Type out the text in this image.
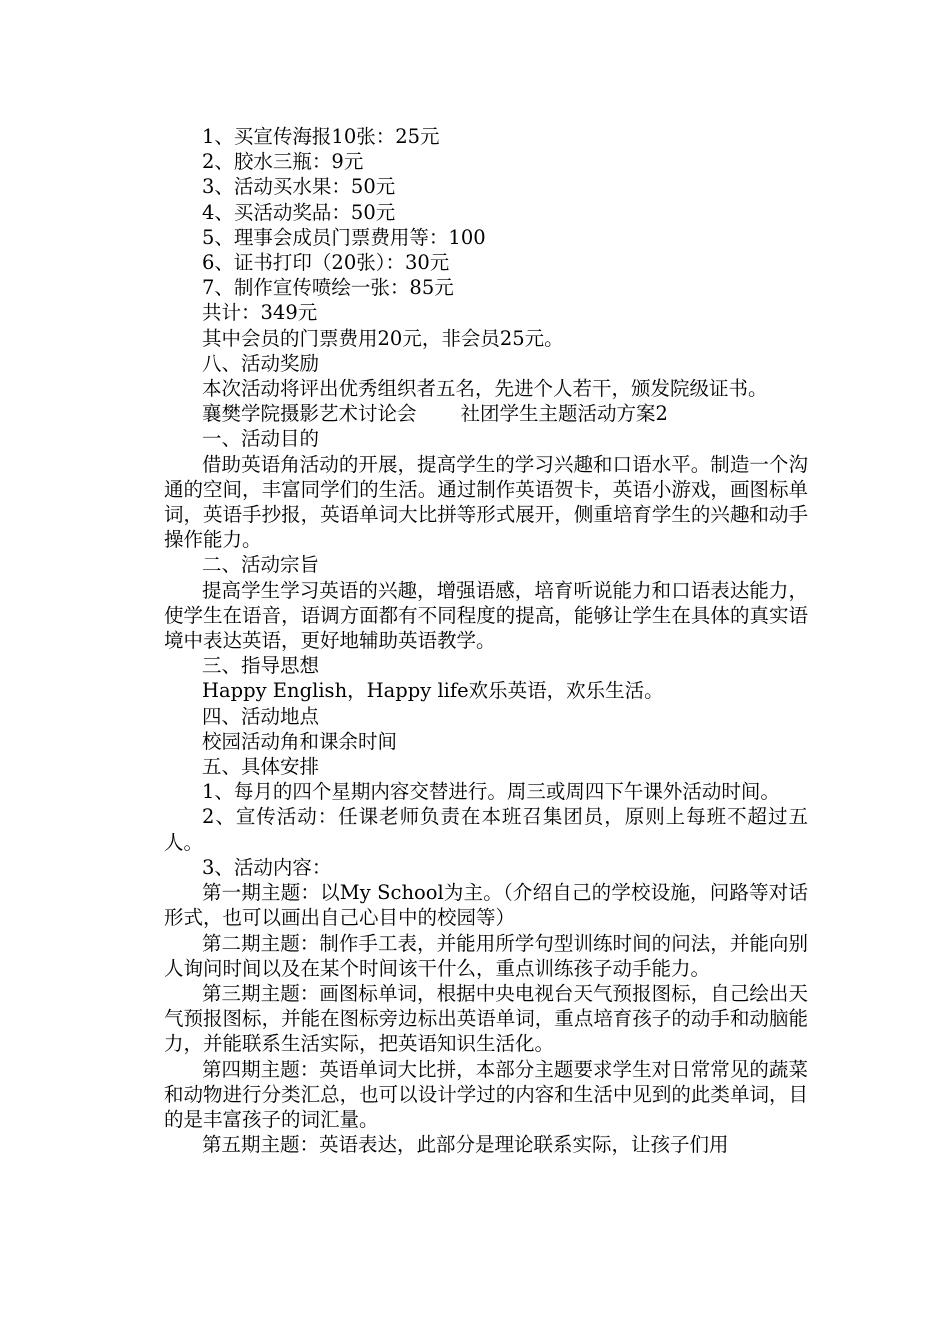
1、买宣传海报10张：25元

2、胶水三瓶：9元

3、活动买水果：50元

4、买活动奖品：50元

5、理事会成员门票费用等：100

6、证书打印（20张）：30元

7、制作宣传喷绘一张：85元

共计：349元

其中会员的门票费用20元，非会员25元。

八、活动奖励

本次活动将评出优秀组织者五名，先进个人若干，颁发院级证书。

襄樊学院摄影艺术讨论会 社团学生主题活动方案2

一、活动目的

借助英语角活动的开展，提高学生的学习兴趣和口语水平。制造一个沟通的空间，丰富同学们的生活。通过制作英语贺卡，英语小游戏，画图标单词，英语手抄报，英语单词大比拼等形式展开，侧重培育学生的兴趣和动手操作能力。

二、活动宗旨

提高学生学习英语的兴趣，增强语感，培育听说能力和口语表达能力，使学生在语音，语调方面都有不同程度的提高，能够让学生在具体的真实语境中表达英语，更好地辅助英语教学。

三、指导思想

Happy English，Happy life欢乐英语，欢乐生活。

四、活动地点

校园活动角和课余时间

五、具体安排

1、每月的四个星期内容交替进行。周三或周四下午课外活动时间。

2、宣传活动：任课老师负责在本班召集团员，原则上每班不超过五人。

3、活动内容：

第一期主题：以My School为主。（介绍自己的学校设施，问路等对话形式，也可以画出自己心目中的校园等）

第二期主题：制作手工表，并能用所学句型训练时间的问法，并能向别人询问时间以及在某个时间该干什么，重点训练孩子动手能力。

第三期主题：画图标单词，根据中央电视台天气预报图标，自己绘出天气预报图标，并能在图标旁边标出英语单词，重点培育孩子的动手和动脑能力，并能联系生活实际，把英语知识生活化。

第四期主题：英语单词大比拼，本部分主题要求学生对日常常见的蔬菜和动物进行分类汇总，也可以设计学过的内容和生活中见到的此类单词，目的是丰富孩子的词汇量。

第五期主题：英语表达，此部分是理论联系实际，让孩子们用
